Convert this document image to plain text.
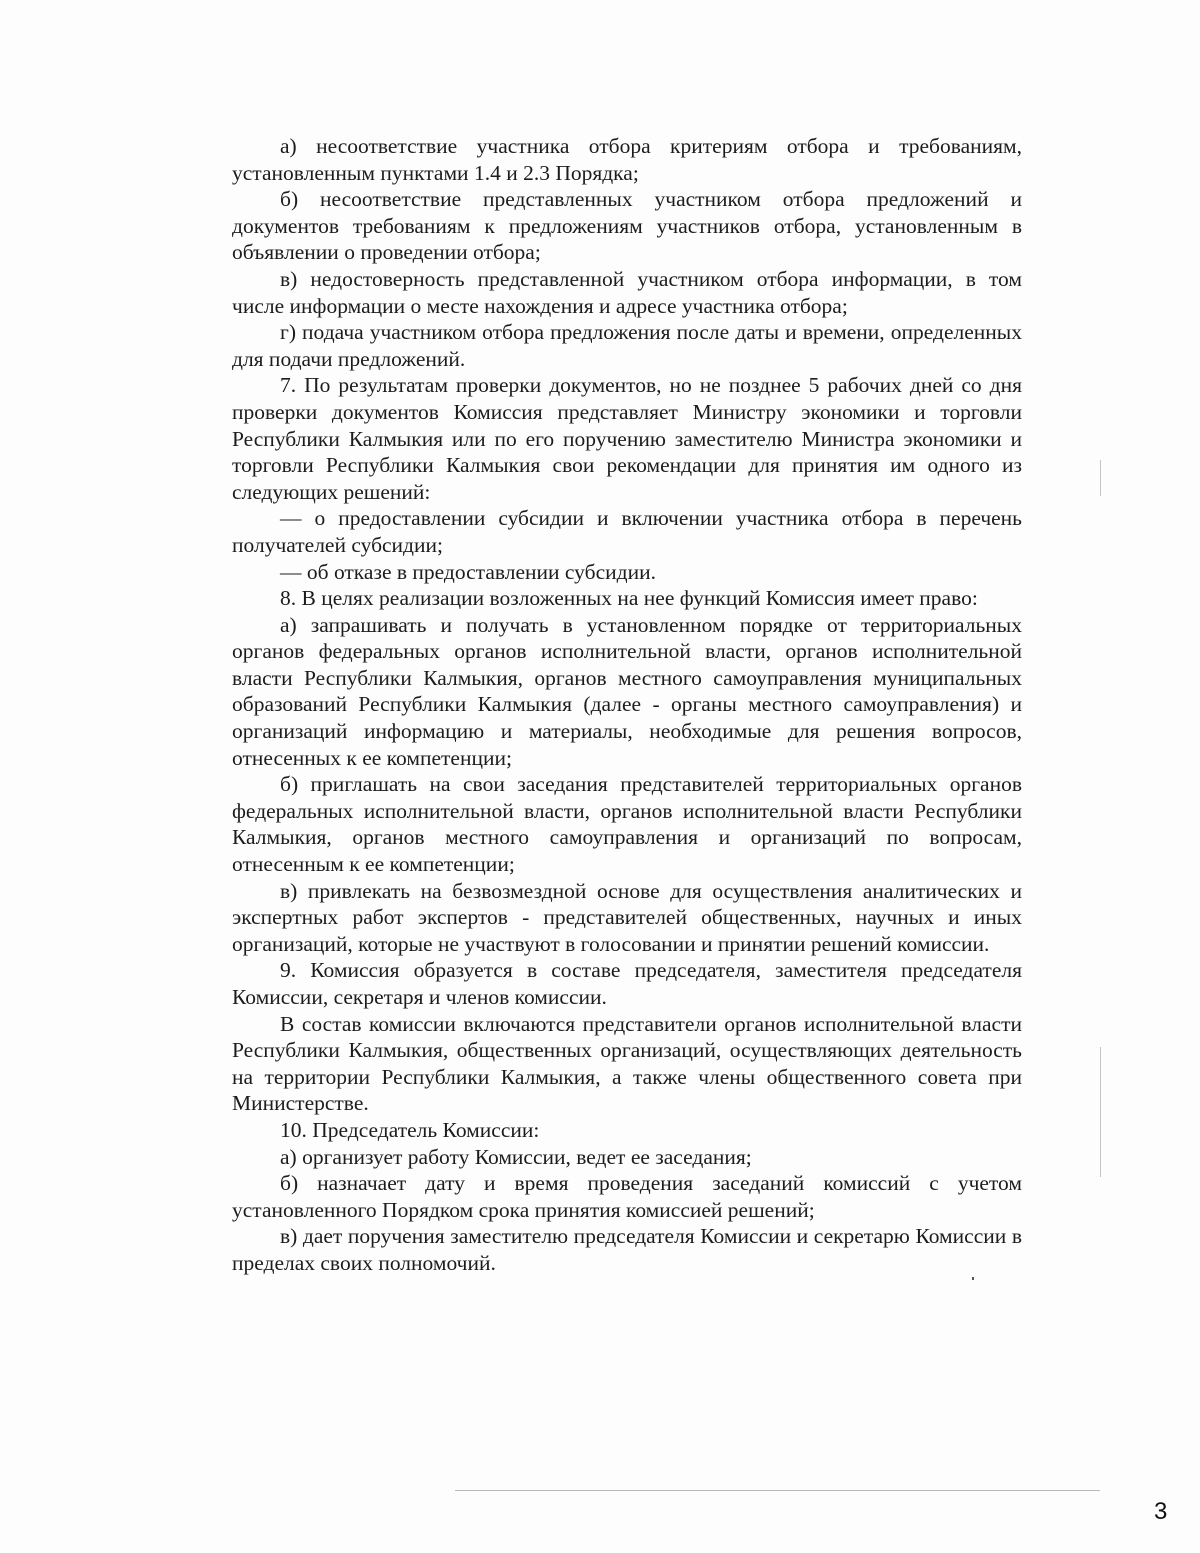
а) несоответствие участника отбора критериям отбора и требованиям, установленным пунктами 1.4 и 2.3 Порядка;

б) несоответствие представленных участником отбора предложений и документов требованиям к предложениям участников отбора, установленным в объявлении о проведении отбора;

в) недостоверность представленной участником отбора информации, в том числе информации о месте нахождения и адресе участника отбора;

г) подача участником отбора предложения после даты и времени, определенных для подачи предложений.

7. По результатам проверки документов, но не позднее 5 рабочих дней со дня проверки документов Комиссия представляет Министру экономики и торговли Республики Калмыкия или по его поручению заместителю Министра экономики и торговли Республики Калмыкия свои рекомендации для принятия им одного из следующих решений:

— о предоставлении субсидии и включении участника отбора в перечень получателей субсидии;

— об отказе в предоставлении субсидии.

8. В целях реализации возложенных на нее функций Комиссия имеет право:

а) запрашивать и получать в установленном порядке от территориальных органов федеральных органов исполнительной власти, органов исполнительной власти Республики Калмыкия, органов местного самоуправления муниципальных образований Республики Калмыкия (далее - органы местного самоуправления) и организаций информацию и материалы, необходимые для решения вопросов, отнесенных к ее компетенции;

б) приглашать на свои заседания представителей территориальных органов федеральных исполнительной власти, органов исполнительной власти Республики Калмыкия, органов местного самоуправления и организаций по вопросам, отнесенным к ее компетенции;

в) привлекать на безвозмездной основе для осуществления аналитических и экспертных работ экспертов - представителей общественных, научных и иных организаций, которые не участвуют в голосовании и принятии решений комиссии.

9. Комиссия образуется в составе председателя, заместителя председателя Комиссии, секретаря и членов комиссии.

В состав комиссии включаются представители органов исполнительной власти Республики Калмыкия, общественных организаций, осуществляющих деятельность на территории Республики Калмыкия, а также члены общественного совета при Министерстве.

10. Председатель Комиссии:

а) организует работу Комиссии, ведет ее заседания;

б) назначает дату и время проведения заседаний комиссий с учетом установленного Порядком срока принятия комиссией решений;

в) дает поручения заместителю председателя Комиссии и секретарю Комиссии в пределах своих полномочий.

3
